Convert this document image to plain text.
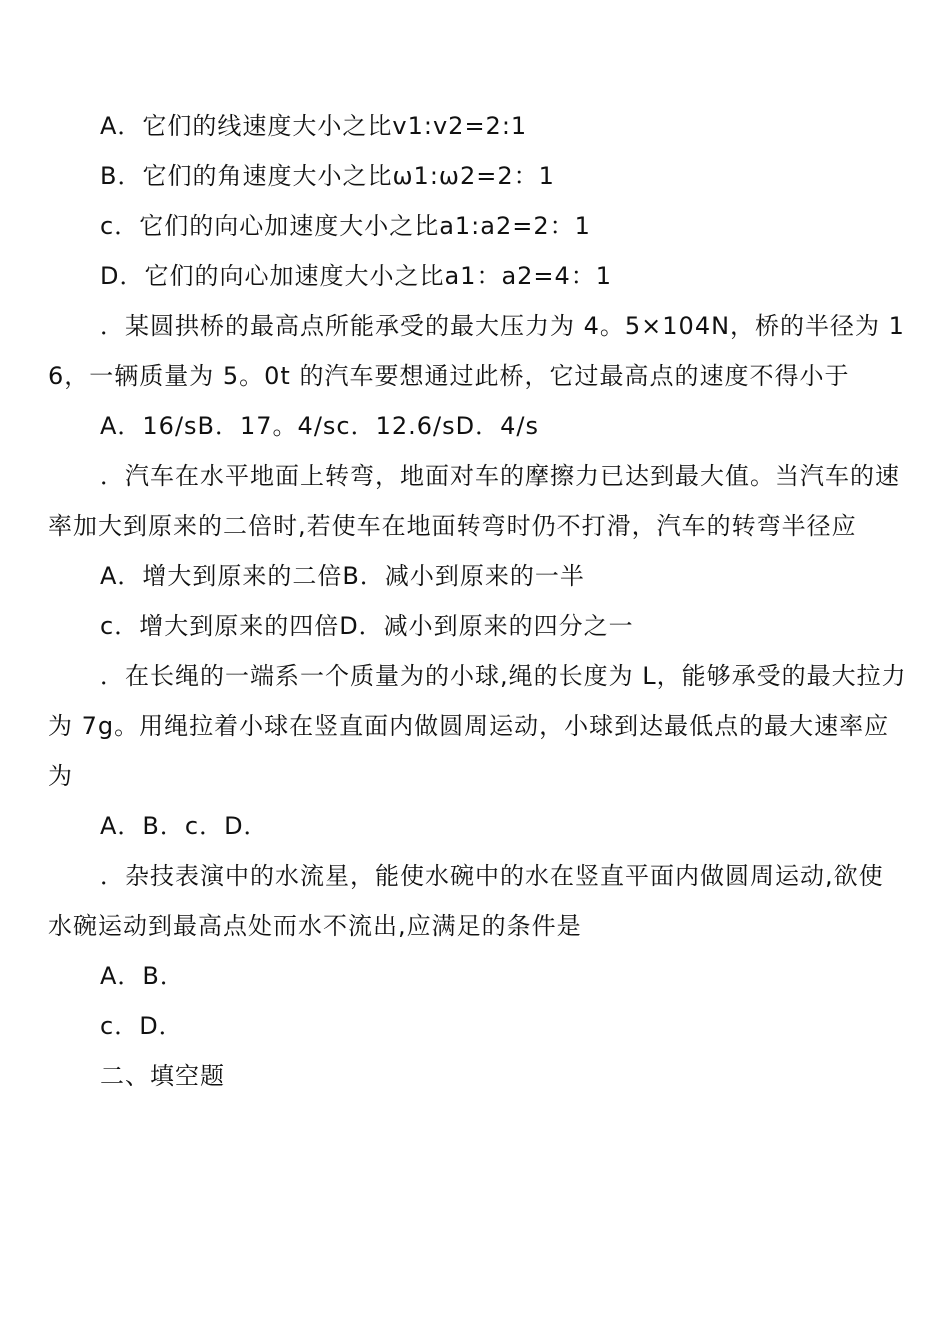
A．它们的线速度大小之比v1:v2=2:1

B．它们的角速度大小之比ω1:ω2=2：1

c．它们的向心加速度大小之比a1:a2=2：1

D．它们的向心加速度大小之比a1：a2=4：1

．某圆拱桥的最高点所能承受的最大压力为 4。5×104N，桥的半径为 16，一辆质量为 5。0t 的汽车要想通过此桥，它过最高点的速度不得小于

A．16/sB．17。4/sc．12.6/sD．4/s

．汽车在水平地面上转弯，地面对车的摩擦力已达到最大值。当汽车的速率加大到原来的二倍时,若使车在地面转弯时仍不打滑，汽车的转弯半径应

A．增大到原来的二倍B．减小到原来的一半

c．增大到原来的四倍D．减小到原来的四分之一

．在长绳的一端系一个质量为的小球,绳的长度为 L，能够承受的最大拉力为 7g。用绳拉着小球在竖直面内做圆周运动，小球到达最低点的最大速率应为

A．B．c．D．

．杂技表演中的水流星，能使水碗中的水在竖直平面内做圆周运动,欲使水碗运动到最高点处而水不流出,应满足的条件是

A．B．

c．D．

二、填空题
